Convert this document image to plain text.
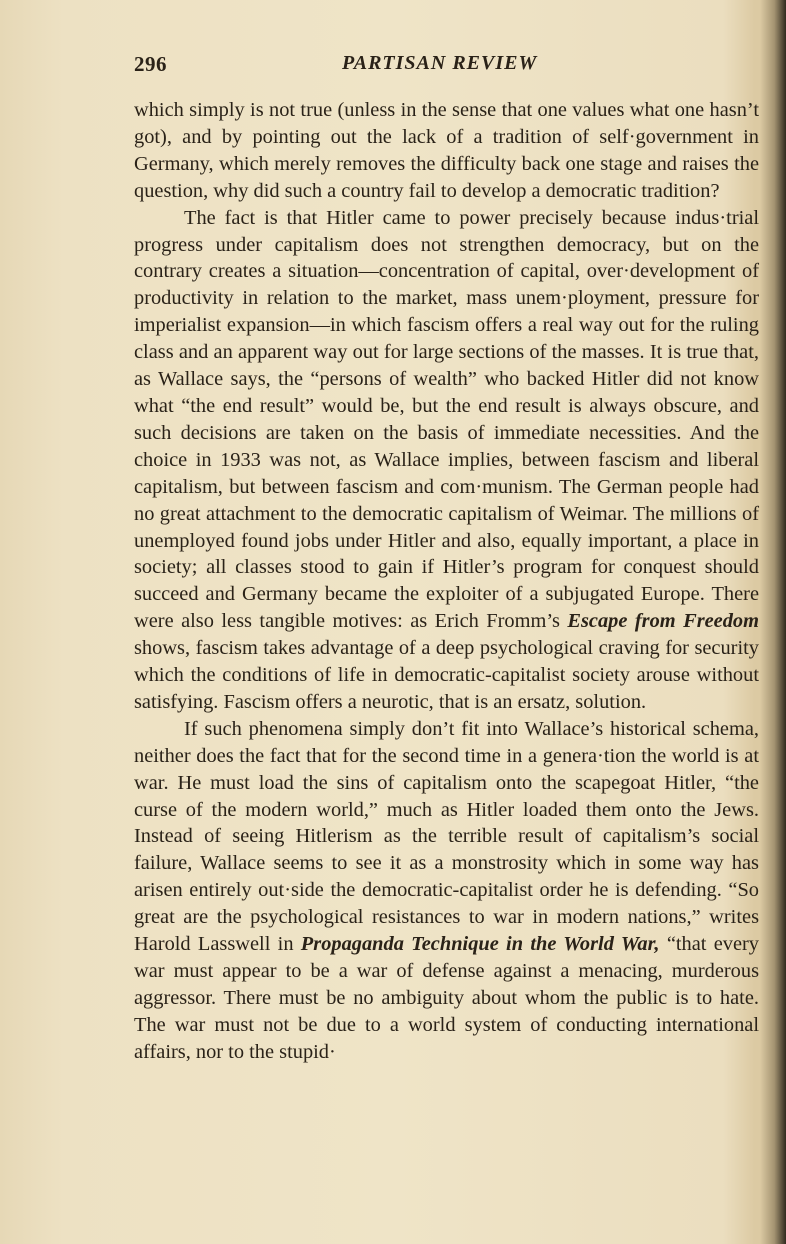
296	PARTISAN REVIEW

which simply is not true (unless in the sense that one values what one hasn’t got), and by pointing out the lack of a tradition of self·government in Germany, which merely removes the difficulty back one stage and raises the question, why did such a country fail to develop a democratic tradition?

The fact is that Hitler came to power precisely because indus·trial progress under capitalism does not strengthen democracy, but on the contrary creates a situation—concentration of capital, over·development of productivity in relation to the market, mass unem·ployment, pressure for imperialist expansion—in which fascism offers a real way out for the ruling class and an apparent way out for large sections of the masses. It is true that, as Wallace says, the “persons of wealth” who backed Hitler did not know what “the end result” would be, but the end result is always obscure, and such decisions are taken on the basis of immediate necessities. And the choice in 1933 was not, as Wallace implies, between fascism and liberal capitalism, but between fascism and com·munism. The German people had no great attachment to the democratic capitalism of Weimar. The millions of unemployed found jobs under Hitler and also, equally important, a place in society; all classes stood to gain if Hitler’s program for conquest should succeed and Germany became the exploiter of a subjugated Europe. There were also less tangible motives: as Erich Fromm’s Escape from Freedom shows, fascism takes advantage of a deep psychological craving for security which the conditions of life in democratic-capitalist society arouse without satisfying. Fascism offers a neurotic, that is an ersatz, solution.

If such phenomena simply don’t fit into Wallace’s historical schema, neither does the fact that for the second time in a genera·tion the world is at war. He must load the sins of capitalism onto the scapegoat Hitler, “the curse of the modern world,” much as Hitler loaded them onto the Jews. Instead of seeing Hitlerism as the terrible result of capitalism’s social failure, Wallace seems to see it as a monstrosity which in some way has arisen entirely out·side the democratic-capitalist order he is defending. “So great are the psychological resistances to war in modern nations,” writes Harold Lasswell in Propaganda Technique in the World War, “that every war must appear to be a war of defense against a menacing, murderous aggressor. There must be no ambiguity about whom the public is to hate. The war must not be due to a world system of conducting international affairs, nor to the stupid·
